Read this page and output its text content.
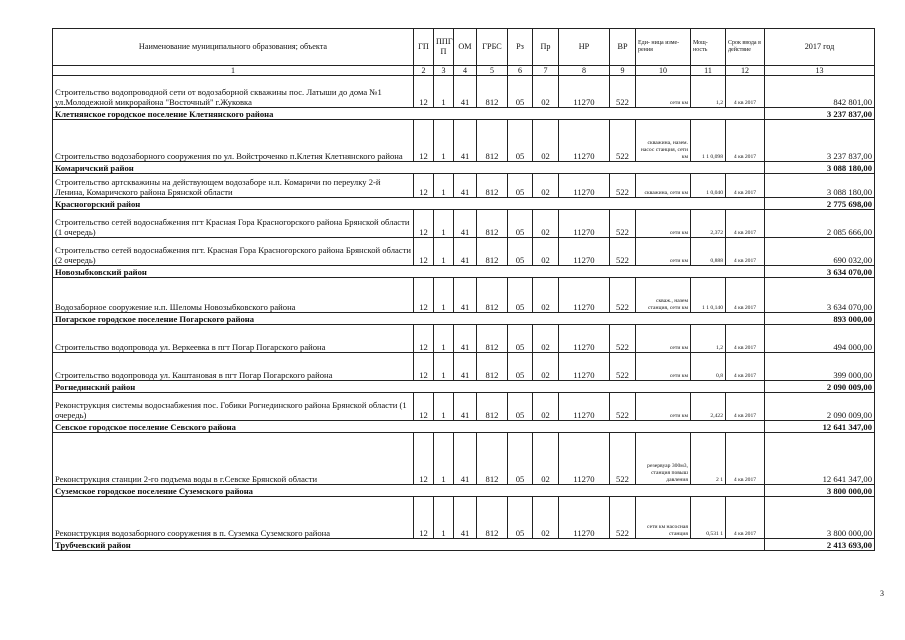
Наименование муниципального образования; объекта	ГП	ППГ П	ОМ	ГРБС	Рз	Пр	НР	ВР	Еди- ница изме- рения	Мощ- ность	Срок ввода в действие	2017 год
1	2	3	4	5	6	7	8	9	10	11	12	13
Строительство водопроводной сети от водозаборной скважины пос. Латыши до дома №1 ул.Молодежной микрорайона "Восточный" г.Жуковка	12	1	41	812	05	02	11270	522	сети км	1,2	4 кв 2017	842 801,00
Клетнянское городское поселение Клетнянского района												3 237 837,00
Строительство водозаборного сооружения по ул. Войстроченко п.Клетня Клетнянского района	12	1	41	812	05	02	11270	522	скважина, назем. насос станция, сети км	1 1 0,098	4 кв 2017	3 237 837,00
Комаричский район												3 088 180,00
Строительство артскважины на действующем водозаборе н.п. Комаричи по переулку 2-й Ленина, Комаричского района Брянской области	12	1	41	812	05	02	11270	522	скважина, сети км	1 0,040	4 кв 2017	3 088 180,00
Красногорский район												2 775 698,00
Строительство сетей водоснабжения пгт Красная Гора Красногорского района Брянской области (1 очередь)	12	1	41	812	05	02	11270	522	сети км	2,372	4 кв 2017	2 085 666,00
Строительство сетей водоснабжения пгт. Красная Гора Красногорского района Брянской области (2 очередь)	12	1	41	812	05	02	11270	522	сети км	0,888	4 кв 2017	690 032,00
Новозыбковский район												3 634 070,00
Водозаборное сооружение н.п. Шеломы Новозыбковского района	12	1	41	812	05	02	11270	522	скваж., назем станция, сети км	1 1 0,140	4 кв 2017	3 634 070,00
Погарское городское поселение Погарского района												893 000,00
Строительство водопровода ул. Веркеевка в пгт Погар Погарского района	12	1	41	812	05	02	11270	522	сети км	1,2	4 кв 2017	494 000,00
Строительство водопровода ул. Каштановая в пгт Погар Погарского района	12	1	41	812	05	02	11270	522	сети км	0,8	4 кв 2017	399 000,00
Рогнединский район												2 090 009,00
Реконструкция системы водоснабжения пос. Гобики Рогнединского района Брянской области (1 очередь)	12	1	41	812	05	02	11270	522	сети км	2,422	4 кв 2017	2 090 009,00
Севское городское поселение Севского района												12 641 347,00
Реконструкция станции 2-го подъема воды в г.Севске Брянской области	12	1	41	812	05	02	11270	522	резервуар 300м3, станция повыш давления	2 1	4 кв 2017	12 641 347,00
Суземское городское поселение Суземского района												3 800 000,00
Реконструкция водозаборного сооружения в п. Суземка Суземского района	12	1	41	812	05	02	11270	522	сети км насосная станция	0,531 1	4 кв 2017	3 800 000,00
Трубчевский район												2 413 693,00
3
